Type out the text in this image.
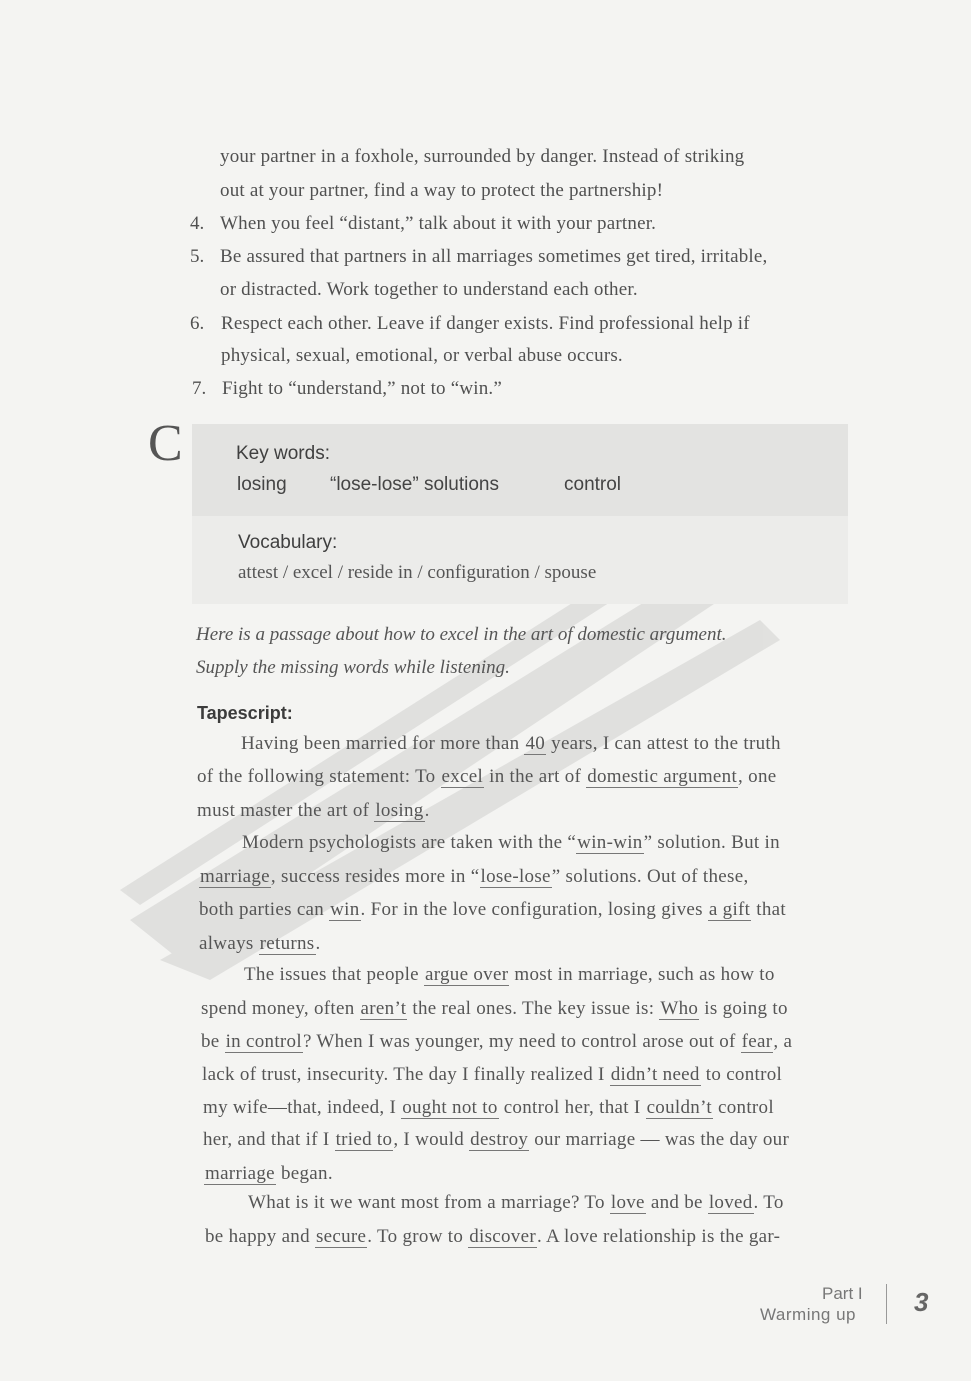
your partner in a foxhole, surrounded by danger. Instead of striking
out at your partner, find a way to protect the partnership!
4. When you feel “distant,” talk about it with your partner.
5. Be assured that partners in all marriages sometimes get tired, irritable,
or distracted. Work together to understand each other.
6. Respect each other. Leave if danger exists. Find professional help if
physical, sexual, emotional, or verbal abuse occurs.
7. Fight to “understand,” not to “win.”
C	Key words:
losing “lose-lose” solutions	control
Vocabulary:
attest / excel / reside in / configuration / spouse
Here is a passage about how to excel in the art of domestic argument.
Supply the missing words while listening.
Tapescript:
Having been married for more than 40 years, I can attest to the truth
of the following statement: To excel in the art of domestic argument, one
must master the art of losing.
Modern psychologists are taken with the “win-win” solution. But in
marriage, success resides more in “lose-lose” solutions. Out of these,
both parties can win. For in the love configuration, losing gives a gift that
always returns.
The issues that people argue over most in marriage, such as how to
spend money, often aren’t the real ones. The key issue is: Who is going to
be in control? When I was younger, my need to control arose out of fear, a
lack of trust, insecurity. The day I finally realized I didn’t need to control
my wife—that, indeed, I ought not to control her, that I couldn’t control
her, and that if I tried to, I would destroy our marriage — was the day our
marriage began.
What is it we want most from a marriage? To love and be loved. To
be happy and secure. To grow to discover. A love relationship is the gar-
Part I
Warming up 3
